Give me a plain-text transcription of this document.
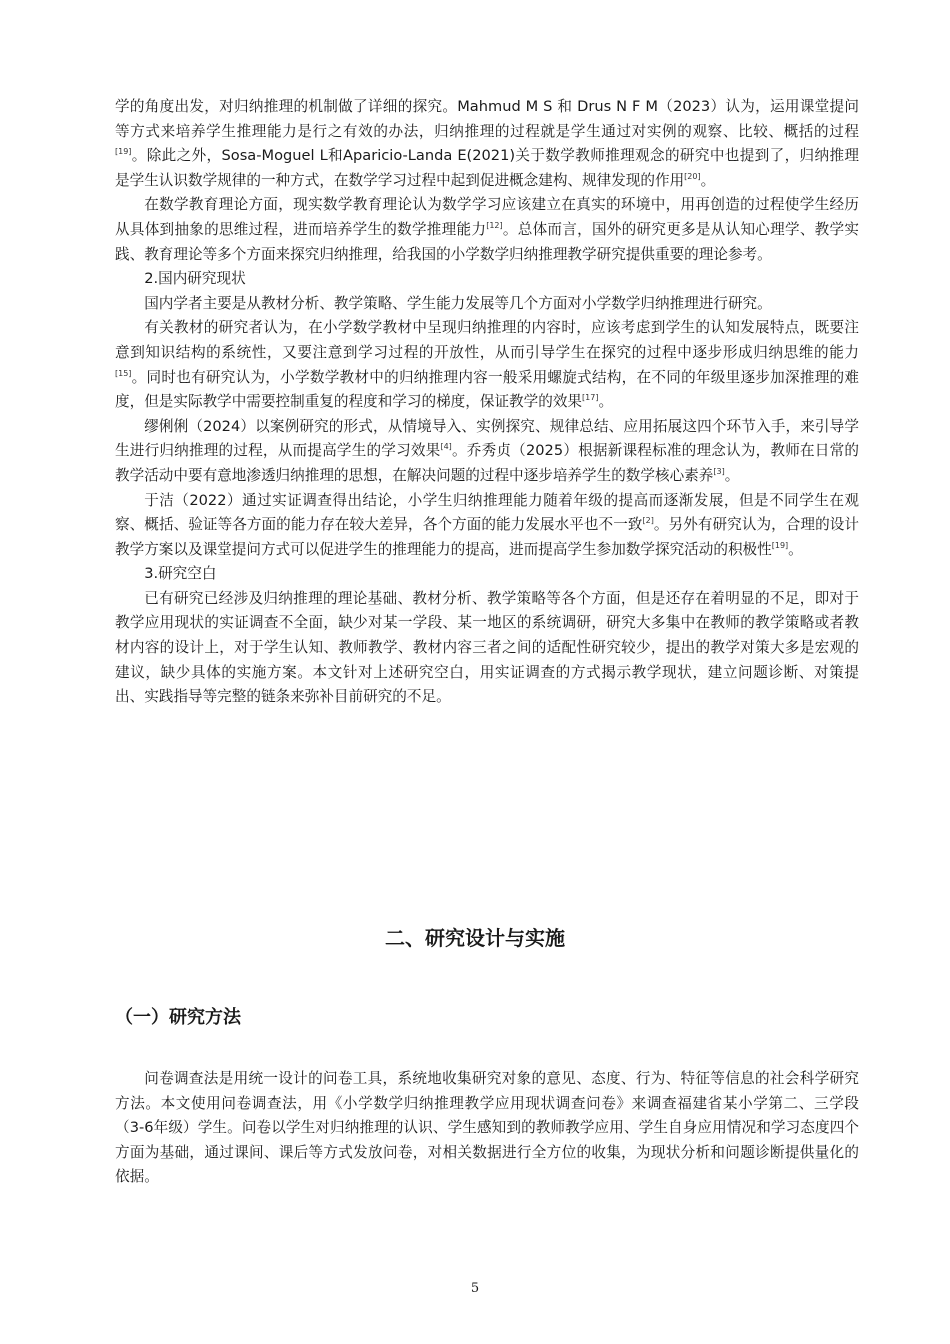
学的角度出发，对归纳推理的机制做了详细的探究。Mahmud M S 和 Drus N F M（2023）认为，运用课堂提问等方式来培养学生推理能力是行之有效的办法，归纳推理的过程就是学生通过对实例的观察、比较、概括的过程[19]。除此之外，Sosa-Moguel L和Aparicio-Landa E(2021)关于数学教师推理观念的研究中也提到了，归纳推理是学生认识数学规律的一种方式，在数学学习过程中起到促进概念建构、规律发现的作用[20]。

在数学教育理论方面，现实数学教育理论认为数学学习应该建立在真实的环境中，用再创造的过程使学生经历从具体到抽象的思维过程，进而培养学生的数学推理能力[12]。总体而言，国外的研究更多是从认知心理学、教学实践、教育理论等多个方面来探究归纳推理，给我国的小学数学归纳推理教学研究提供重要的理论参考。

2.国内研究现状

国内学者主要是从教材分析、教学策略、学生能力发展等几个方面对小学数学归纳推理进行研究。

有关教材的研究者认为，在小学数学教材中呈现归纳推理的内容时，应该考虑到学生的认知发展特点，既要注意到知识结构的系统性，又要注意到学习过程的开放性，从而引导学生在探究的过程中逐步形成归纳思维的能力[15]。同时也有研究认为，小学数学教材中的归纳推理内容一般采用螺旋式结构，在不同的年级里逐步加深推理的难度，但是实际教学中需要控制重复的程度和学习的梯度，保证教学的效果[17]。

缪俐俐（2024）以案例研究的形式，从情境导入、实例探究、规律总结、应用拓展这四个环节入手，来引导学生进行归纳推理的过程，从而提高学生的学习效果[4]。乔秀贞（2025）根据新课程标准的理念认为，教师在日常的教学活动中要有意地渗透归纳推理的思想，在解决问题的过程中逐步培养学生的数学核心素养[3]。

于洁（2022）通过实证调查得出结论，小学生归纳推理能力随着年级的提高而逐渐发展，但是不同学生在观察、概括、验证等各方面的能力存在较大差异，各个方面的能力发展水平也不一致[2]。另外有研究认为，合理的设计教学方案以及课堂提问方式可以促进学生的推理能力的提高，进而提高学生参加数学探究活动的积极性[19]。

3.研究空白

已有研究已经涉及归纳推理的理论基础、教材分析、教学策略等各个方面，但是还存在着明显的不足，即对于教学应用现状的实证调查不全面，缺少对某一学段、某一地区的系统调研，研究大多集中在教师的教学策略或者教材内容的设计上，对于学生认知、教师教学、教材内容三者之间的适配性研究较少，提出的教学对策大多是宏观的建议，缺少具体的实施方案。本文针对上述研究空白，用实证调查的方式揭示教学现状，建立问题诊断、对策提出、实践指导等完整的链条来弥补目前研究的不足。

二、研究设计与实施
（一）研究方法

问卷调查法是用统一设计的问卷工具，系统地收集研究对象的意见、态度、行为、特征等信息的社会科学研究方法。本文使用问卷调查法，用《小学数学归纳推理教学应用现状调查问卷》来调查福建省某小学第二、三学段（3-6年级）学生。问卷以学生对归纳推理的认识、学生感知到的教师教学应用、学生自身应用情况和学习态度四个方面为基础，通过课间、课后等方式发放问卷，对相关数据进行全方位的收集，为现状分析和问题诊断提供量化的依据。

5
